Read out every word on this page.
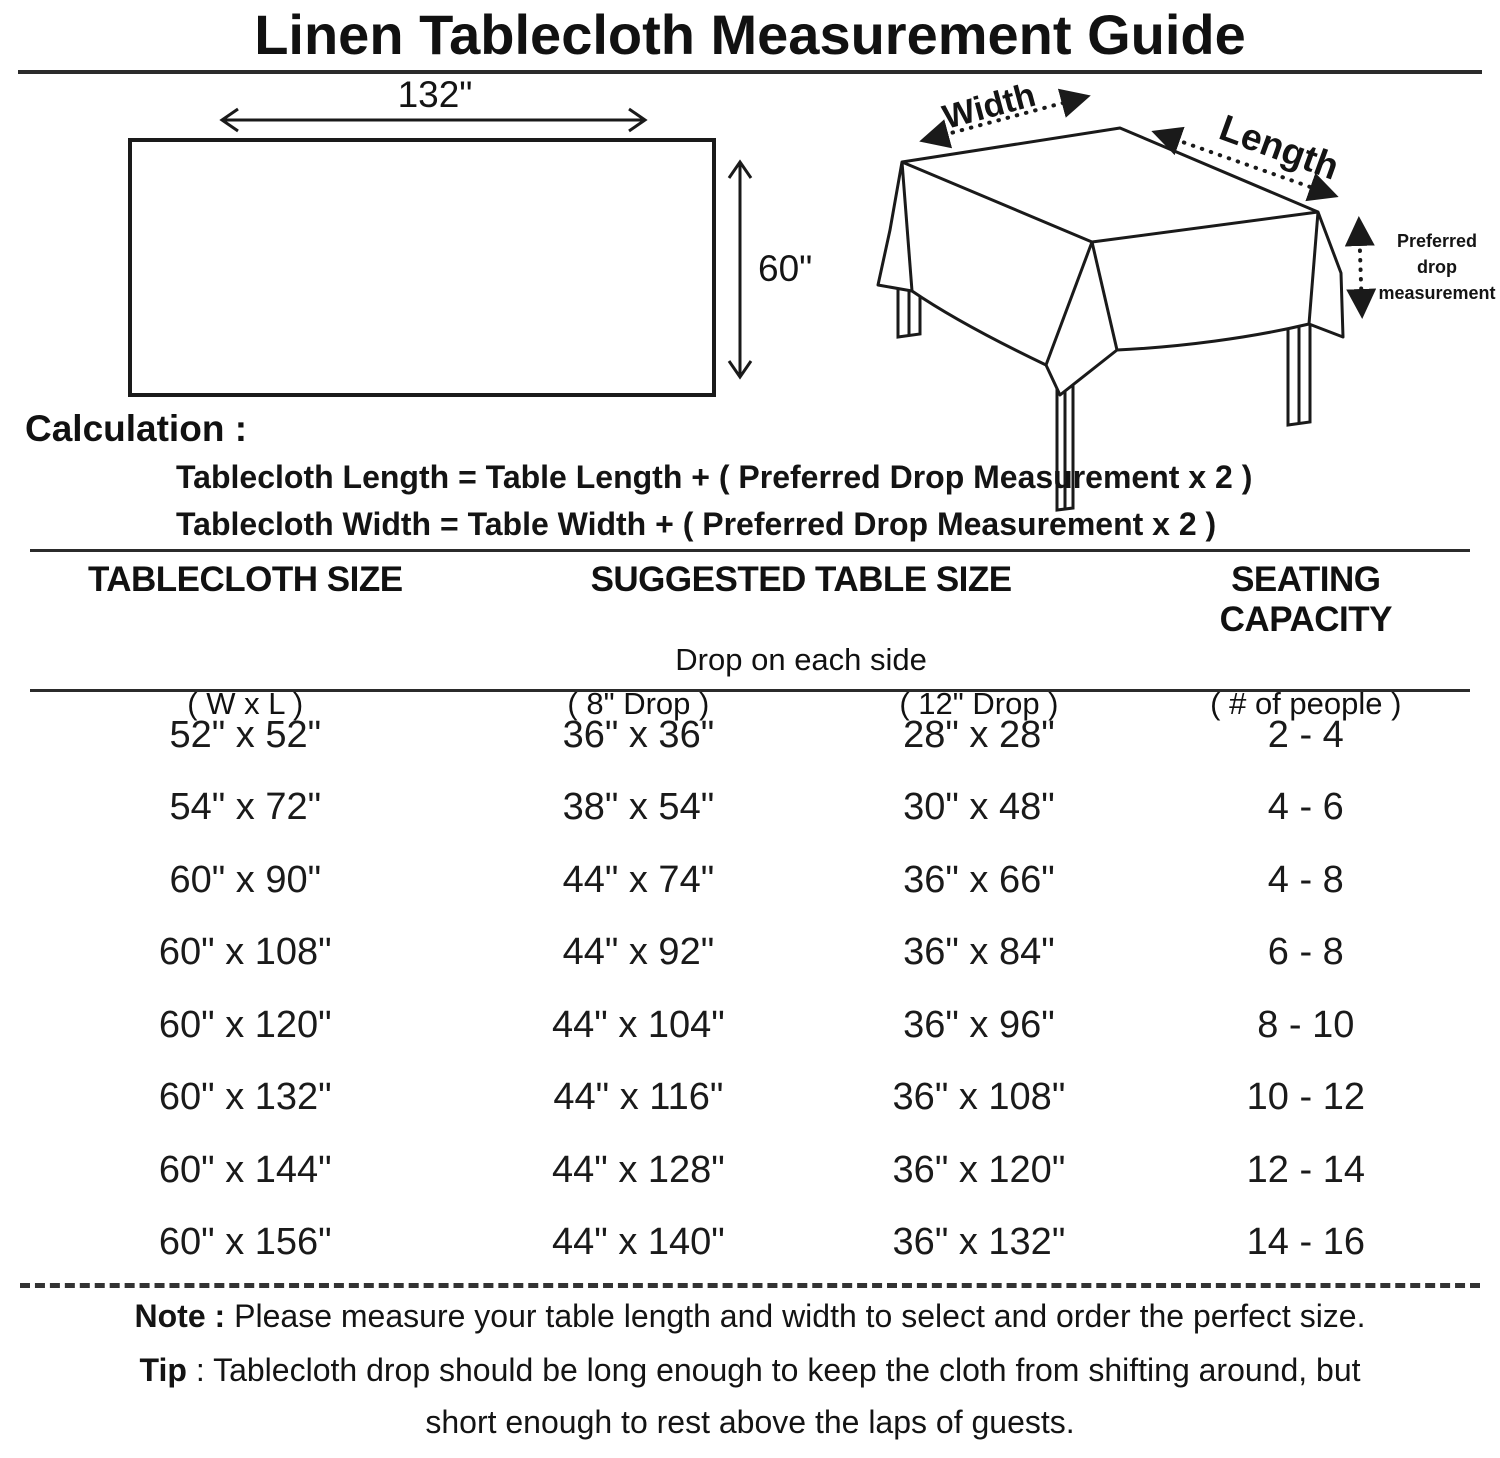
Linen Tablecloth Measurement Guide
132"
60"
Width
Length
Preferred
drop
measurement
Calculation :
Tablecloth Length = Table Length + ( Preferred Drop Measurement x 2 )
Tablecloth Width = Table Width + ( Preferred Drop Measurement x 2 )
TABLECLOTH SIZE	SUGGESTED TABLE SIZE	SEATING CAPACITY
Drop on each side
( W x L )	( 8" Drop )	( 12" Drop )	( # of people )
52" x 52"	36" x 36"	28" x 28"	2 - 4
54" x 72"	38" x 54"	30" x 48"	4 - 6
60" x 90"	44" x 74"	36" x 66"	4 - 8
60" x 108"	44" x 92"	36" x 84"	6 - 8
60" x 120"	44" x 104"	36" x 96"	8 - 10
60" x 132"	44" x 116"	36" x 108"	10 - 12
60" x 144"	44" x 128"	36" x 120"	12 - 14
60" x 156"	44" x 140"	36" x 132"	14 - 16
Note : Please measure your table length and width to select and order the perfect size.
Tip : Tablecloth drop should be long enough to keep the cloth from shifting around, but
short enough to rest above the laps of guests.
